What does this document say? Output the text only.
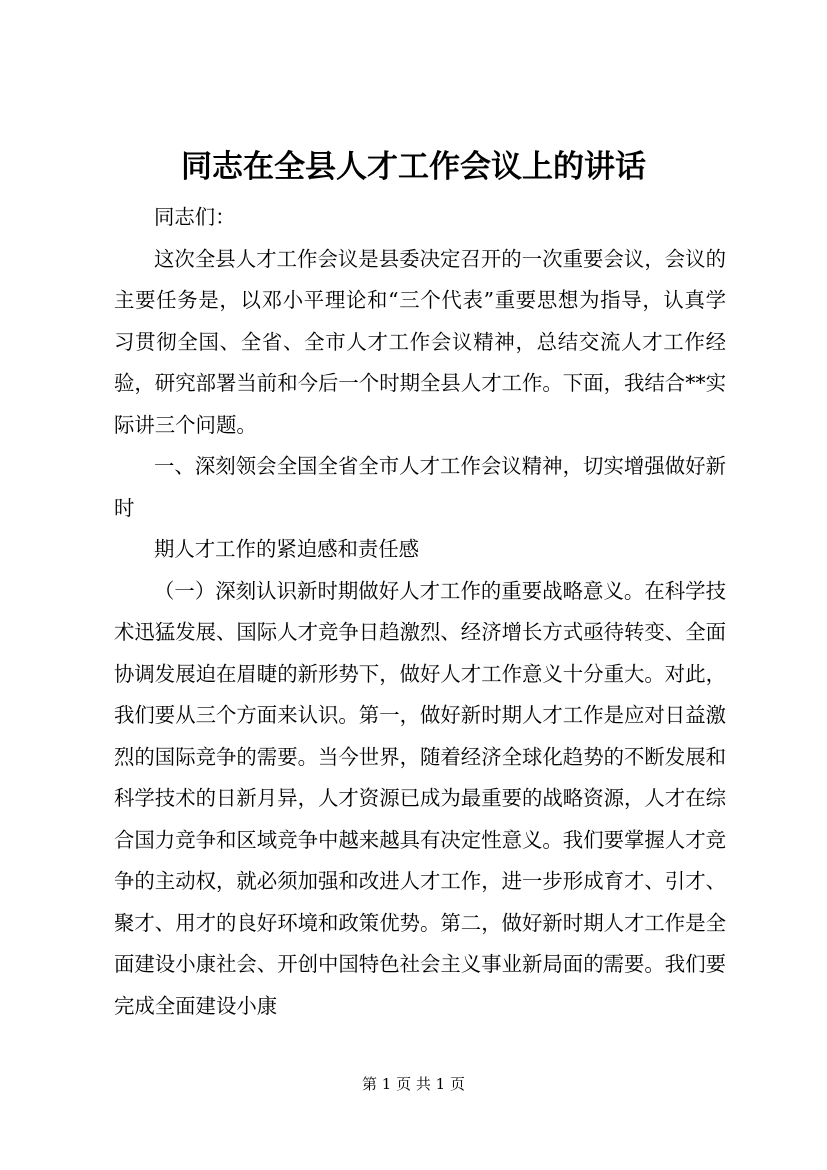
同志在全县人才工作会议上的讲话

同志们：

这次全县人才工作会议是县委决定召开的一次重要会议，会议的主要任务是，以邓小平理论和“三个代表”重要思想为指导，认真学习贯彻全国、全省、全市人才工作会议精神，总结交流人才工作经验，研究部署当前和今后一个时期全县人才工作。下面，我结合**实际讲三个问题。

一、深刻领会全国全省全市人才工作会议精神，切实增强做好新时

期人才工作的紧迫感和责任感

（一）深刻认识新时期做好人才工作的重要战略意义。在科学技术迅猛发展、国际人才竞争日趋激烈、经济增长方式亟待转变、全面协调发展迫在眉睫的新形势下，做好人才工作意义十分重大。对此，我们要从三个方面来认识。第一，做好新时期人才工作是应对日益激烈的国际竞争的需要。当今世界，随着经济全球化趋势的不断发展和科学技术的日新月异，人才资源已成为最重要的战略资源，人才在综合国力竞争和区域竞争中越来越具有决定性意义。我们要掌握人才竞争的主动权，就必须加强和改进人才工作，进一步形成育才、引才、聚才、用才的良好环境和政策优势。第二，做好新时期人才工作是全面建设小康社会、开创中国特色社会主义事业新局面的需要。我们要完成全面建设小康

第 1 页 共 1 页
